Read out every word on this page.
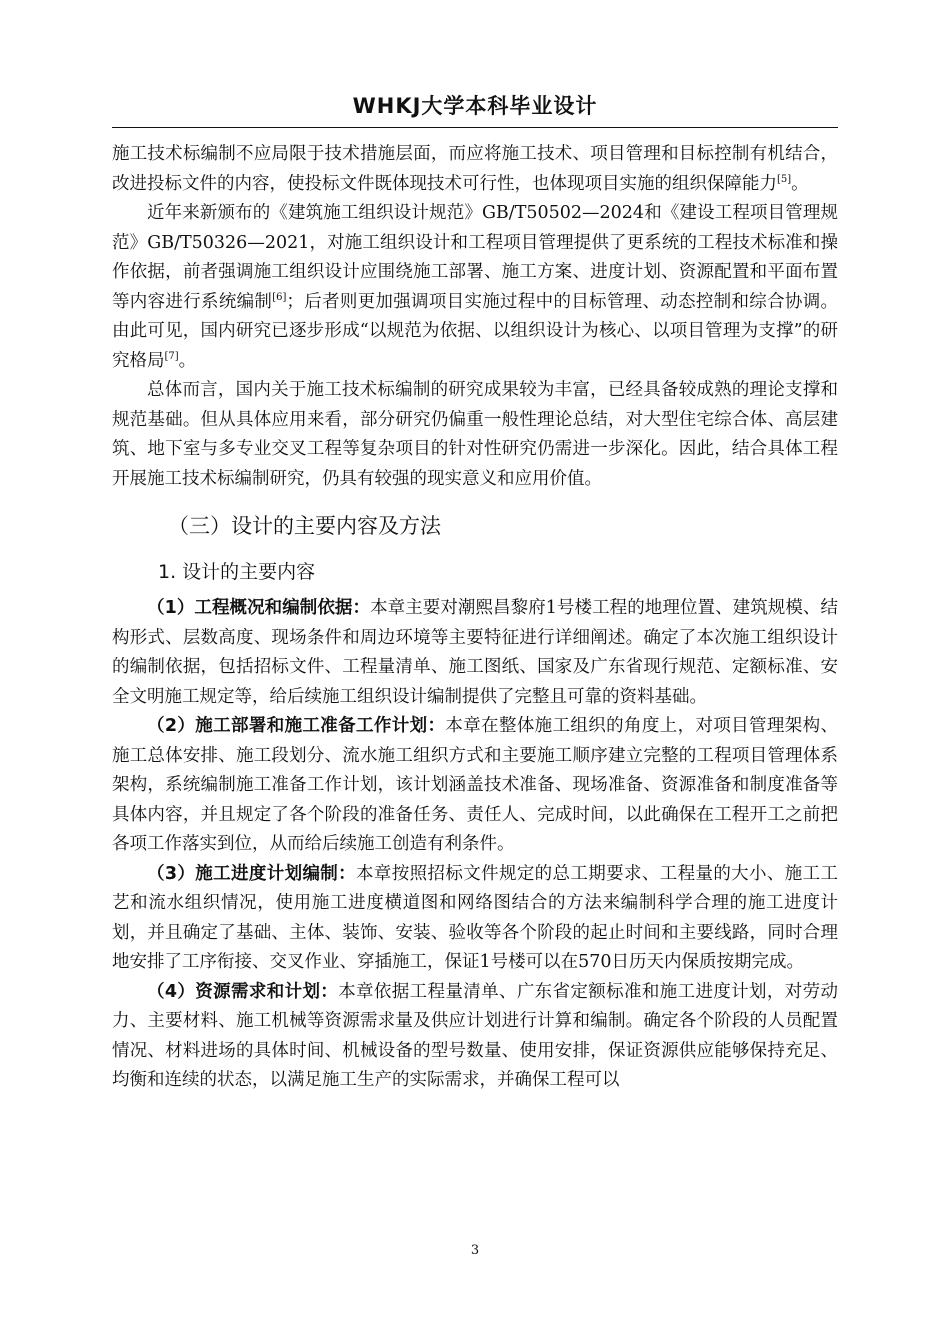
WHKJ大学本科毕业设计

施工技术标编制不应局限于技术措施层面，而应将施工技术、项目管理和目标控制有机结合，改进投标文件的内容，使投标文件既体现技术可行性，也体现项目实施的组织保障能力[5]。

近年来新颁布的《建筑施工组织设计规范》GB/T50502—2024和《建设工程项目管理规范》GB/T50326—2021，对施工组织设计和工程项目管理提供了更系统的工程技术标准和操作依据，前者强调施工组织设计应围绕施工部署、施工方案、进度计划、资源配置和平面布置等内容进行系统编制[6]；后者则更加强调项目实施过程中的目标管理、动态控制和综合协调。由此可见，国内研究已逐步形成“以规范为依据、以组织设计为核心、以项目管理为支撑”的研究格局[7]。

总体而言，国内关于施工技术标编制的研究成果较为丰富，已经具备较成熟的理论支撑和规范基础。但从具体应用来看，部分研究仍偏重一般性理论总结，对大型住宅综合体、高层建筑、地下室与多专业交叉工程等复杂项目的针对性研究仍需进一步深化。因此，结合具体工程开展施工技术标编制研究，仍具有较强的现实意义和应用价值。

（三）设计的主要内容及方法
1. 设计的主要内容

（1）工程概况和编制依据：本章主要对潮熙昌黎府1号楼工程的地理位置、建筑规模、结构形式、层数高度、现场条件和周边环境等主要特征进行详细阐述。确定了本次施工组织设计的编制依据，包括招标文件、工程量清单、施工图纸、国家及广东省现行规范、定额标准、安全文明施工规定等，给后续施工组织设计编制提供了完整且可靠的资料基础。

（2）施工部署和施工准备工作计划：本章在整体施工组织的角度上，对项目管理架构、施工总体安排、施工段划分、流水施工组织方式和主要施工顺序建立完整的工程项目管理体系架构，系统编制施工准备工作计划，该计划涵盖技术准备、现场准备、资源准备和制度准备等具体内容，并且规定了各个阶段的准备任务、责任人、完成时间，以此确保在工程开工之前把各项工作落实到位，从而给后续施工创造有利条件。

（3）施工进度计划编制：本章按照招标文件规定的总工期要求、工程量的大小、施工工艺和流水组织情况，使用施工进度横道图和网络图结合的方法来编制科学合理的施工进度计划，并且确定了基础、主体、装饰、安装、验收等各个阶段的起止时间和主要线路，同时合理地安排了工序衔接、交叉作业、穿插施工，保证1号楼可以在570日历天内保质按期完成。

（4）资源需求和计划：本章依据工程量清单、广东省定额标准和施工进度计划，对劳动力、主要材料、施工机械等资源需求量及供应计划进行计算和编制。确定各个阶段的人员配置情况、材料进场的具体时间、机械设备的型号数量、使用安排，保证资源供应能够保持充足、均衡和连续的状态，以满足施工生产的实际需求，并确保工程可以

3
